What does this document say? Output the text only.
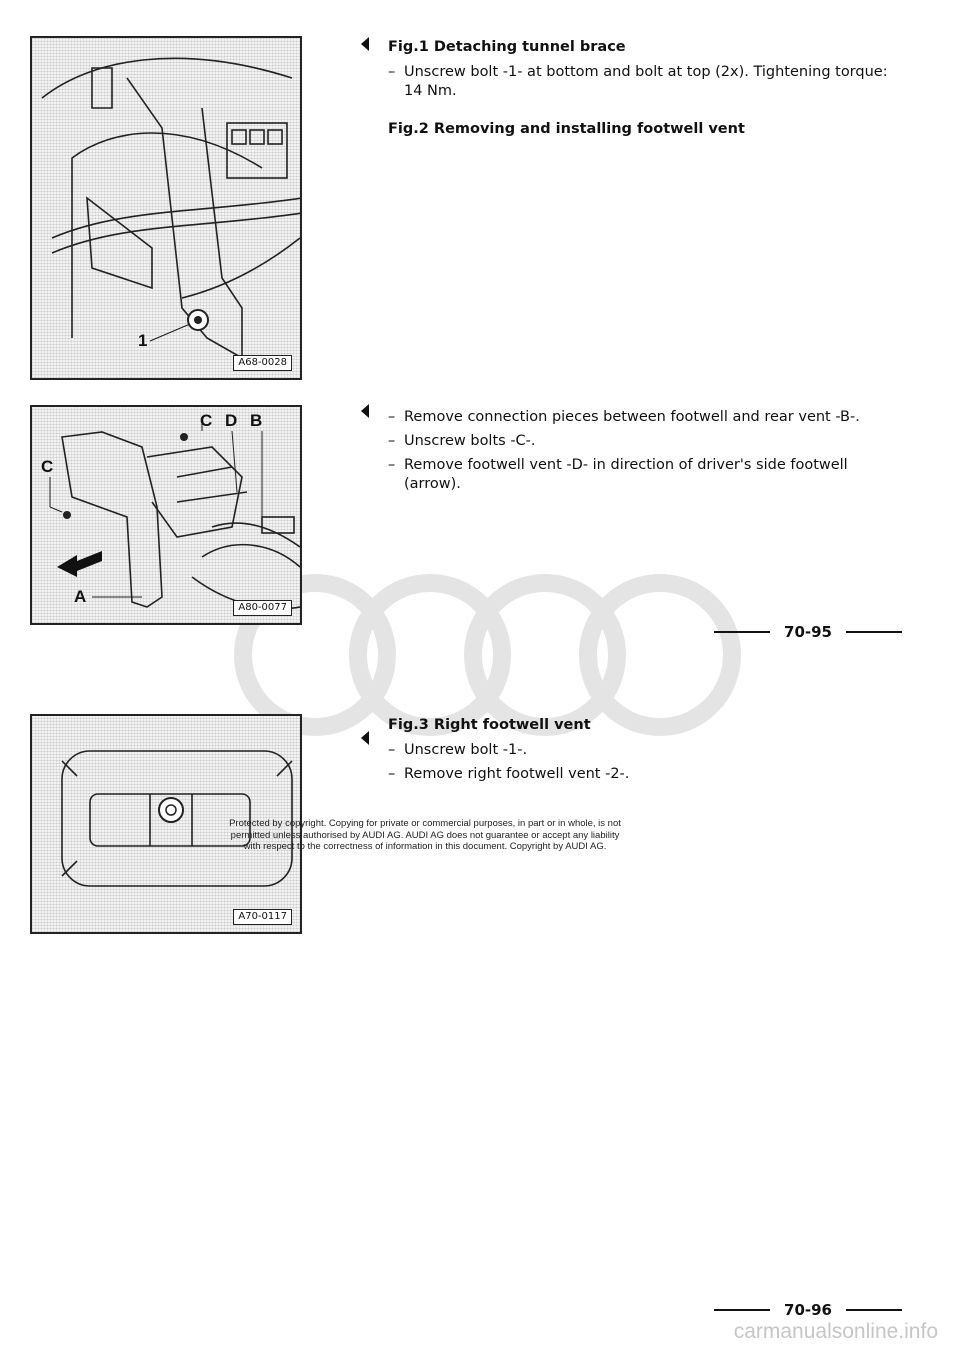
1
A68-0028

Fig.1 Detaching tunnel brace

– Unscrew bolt -1- at bottom and bolt at top (2x). Tightening torque: 14 Nm.

Fig.2 Removing and installing footwell vent

C D B
C
A
A80-0077

– Remove connection pieces between footwell and rear vent -B-.

– Unscrew bolts -C-.

– Remove footwell vent -D- in direction of driver's side footwell (arrow).

70-95
A70-0117

Fig.3 Right footwell vent

– Unscrew bolt -1-.

– Remove right footwell vent -2-.

Protected by copyright. Copying for private or commercial purposes, in part or in whole, is not
permitted unless authorised by AUDI AG. AUDI AG does not guarantee or accept any liability
with respect to the correctness of information in this document. Copyright by AUDI AG.
70-96
carmanualsonline.info
